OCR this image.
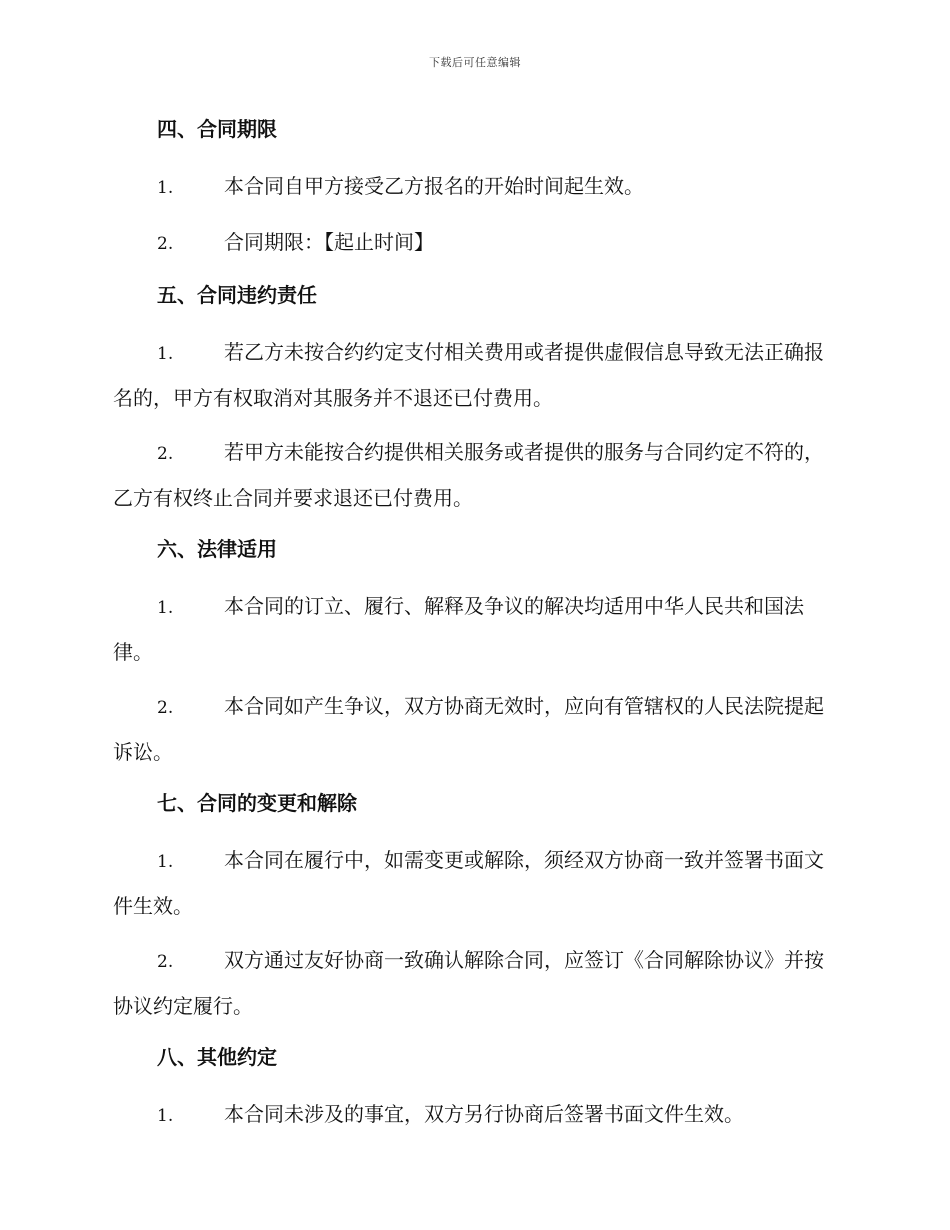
下载后可任意编辑
四、合同期限
1.	本合同自甲方接受乙方报名的开始时间起生效。
2.	合同期限：【起止时间】
五、合同违约责任
1.	若乙方未按合约约定支付相关费用或者提供虚假信息导致无法正确报名的，甲方有权取消对其服务并不退还已付费用。
2.	若甲方未能按合约提供相关服务或者提供的服务与合同约定不符的，乙方有权终止合同并要求退还已付费用。
六、法律适用
1.	本合同的订立、履行、解释及争议的解决均适用中华人民共和国法律。
2.	本合同如产生争议，双方协商无效时，应向有管辖权的人民法院提起诉讼。
七、合同的变更和解除
1.	本合同在履行中，如需变更或解除，须经双方协商一致并签署书面文件生效。
2.	双方通过友好协商一致确认解除合同，应签订《合同解除协议》并按协议约定履行。
八、其他约定
1.	本合同未涉及的事宜，双方另行协商后签署书面文件生效。
